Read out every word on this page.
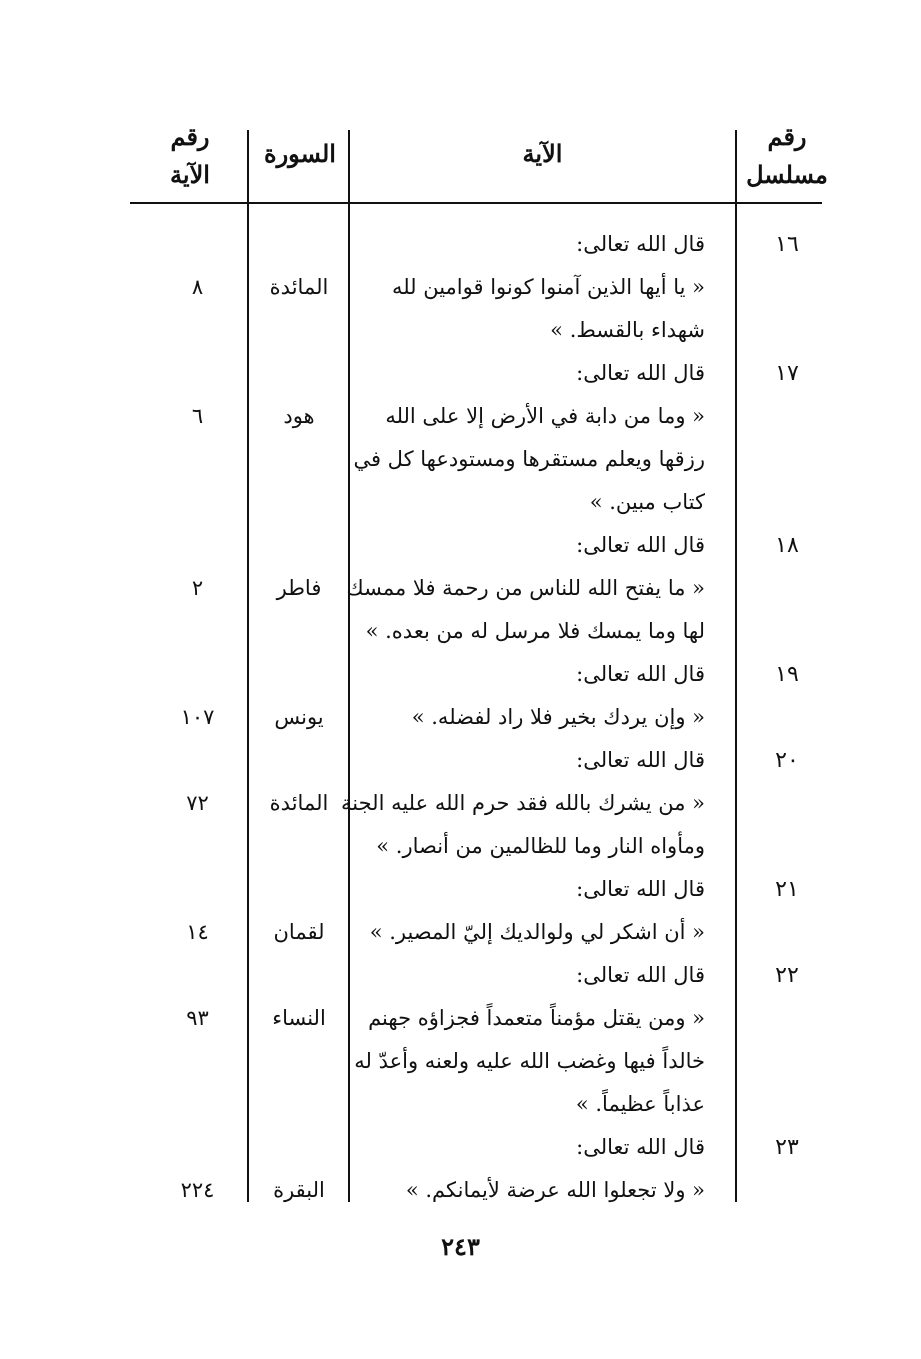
رقم
مسلسل
الآية
السورة
رقم
الآية
١٦
قال الله تعالى:
« يا أيها الذين آمنوا كونوا قوامين لله
شهداء بالقسط. »
المائدة
٨
١٧
قال الله تعالى:
« وما من دابة في الأرض إلا على الله
رزقها ويعلم مستقرها ومستودعها كل في
كتاب مبين. »
هود
٦
١٨
قال الله تعالى:
« ما يفتح الله للناس من رحمة فلا ممسك
لها وما يمسك فلا مرسل له من بعده. »
فاطر
٢
١٩
قال الله تعالى:
« وإن يردك بخير فلا راد لفضله. »
يونس
١٠٧
٢٠
قال الله تعالى:
« من يشرك بالله فقد حرم الله عليه الجنة
ومأواه النار وما للظالمين من أنصار. »
المائدة
٧٢
٢١
قال الله تعالى:
« أن اشكر لي ولوالديك إليّ المصير. »
لقمان
١٤
٢٢
قال الله تعالى:
« ومن يقتل مؤمناً متعمداً فجزاؤه جهنم
خالداً فيها وغضب الله عليه ولعنه وأعدّ له
عذاباً عظيماً. »
النساء
٩٣
٢٣
قال الله تعالى:
« ولا تجعلوا الله عرضة لأيمانكم. »
البقرة
٢٢٤
٢٤٣
